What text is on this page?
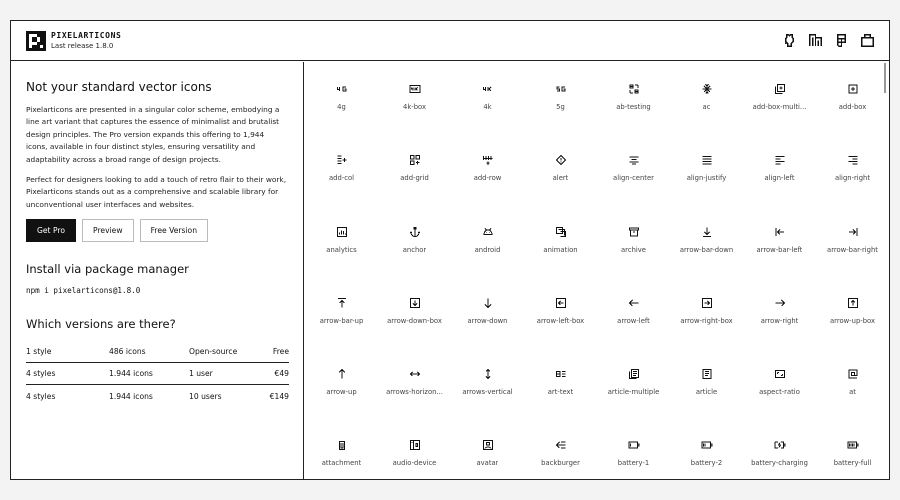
PIXELARTICONS
Last release 1.8.0
Not your standard vector icons

Pixelarticons are presented in a singular color scheme, embodying a line art variant that captures the essence of minimalist and brutalist design principles. The Pro version expands this offering to 1,944 icons, available in four distinct styles, ensuring versatility and adaptability across a broad range of design projects.

Perfect for designers looking to add a touch of retro flair to their work, Pixelarticons stands out as a comprehensive and scalable library for unconventional user interfaces and websites.

Get Pro	Preview	Free Version
Install via package manager
npm i pixelarticons@1.8.0
Which versions are there?
1 style	486 icons	Open-source	Free
4 styles	1.944 icons	1 user	€49
4 styles	1.944 icons	10 users	€149
4g	4k-box	4k	5g	ab-testing	ac	add-box-multi...	add-box
add-col	add-grid	add-row	alert	align-center	align-justify	align-left	align-right
analytics	anchor	android	animation	archive	arrow-bar-down	arrow-bar-left	arrow-bar-right
arrow-bar-up	arrow-down-box	arrow-down	arrow-left-box	arrow-left	arrow-right-box	arrow-right	arrow-up-box
arrow-up	arrows-horizon...	arrows-vertical	art-text	article-multiple	article	aspect-ratio	at
attachment	audio-device	avatar	backburger	battery-1	battery-2	battery-charging	battery-full
